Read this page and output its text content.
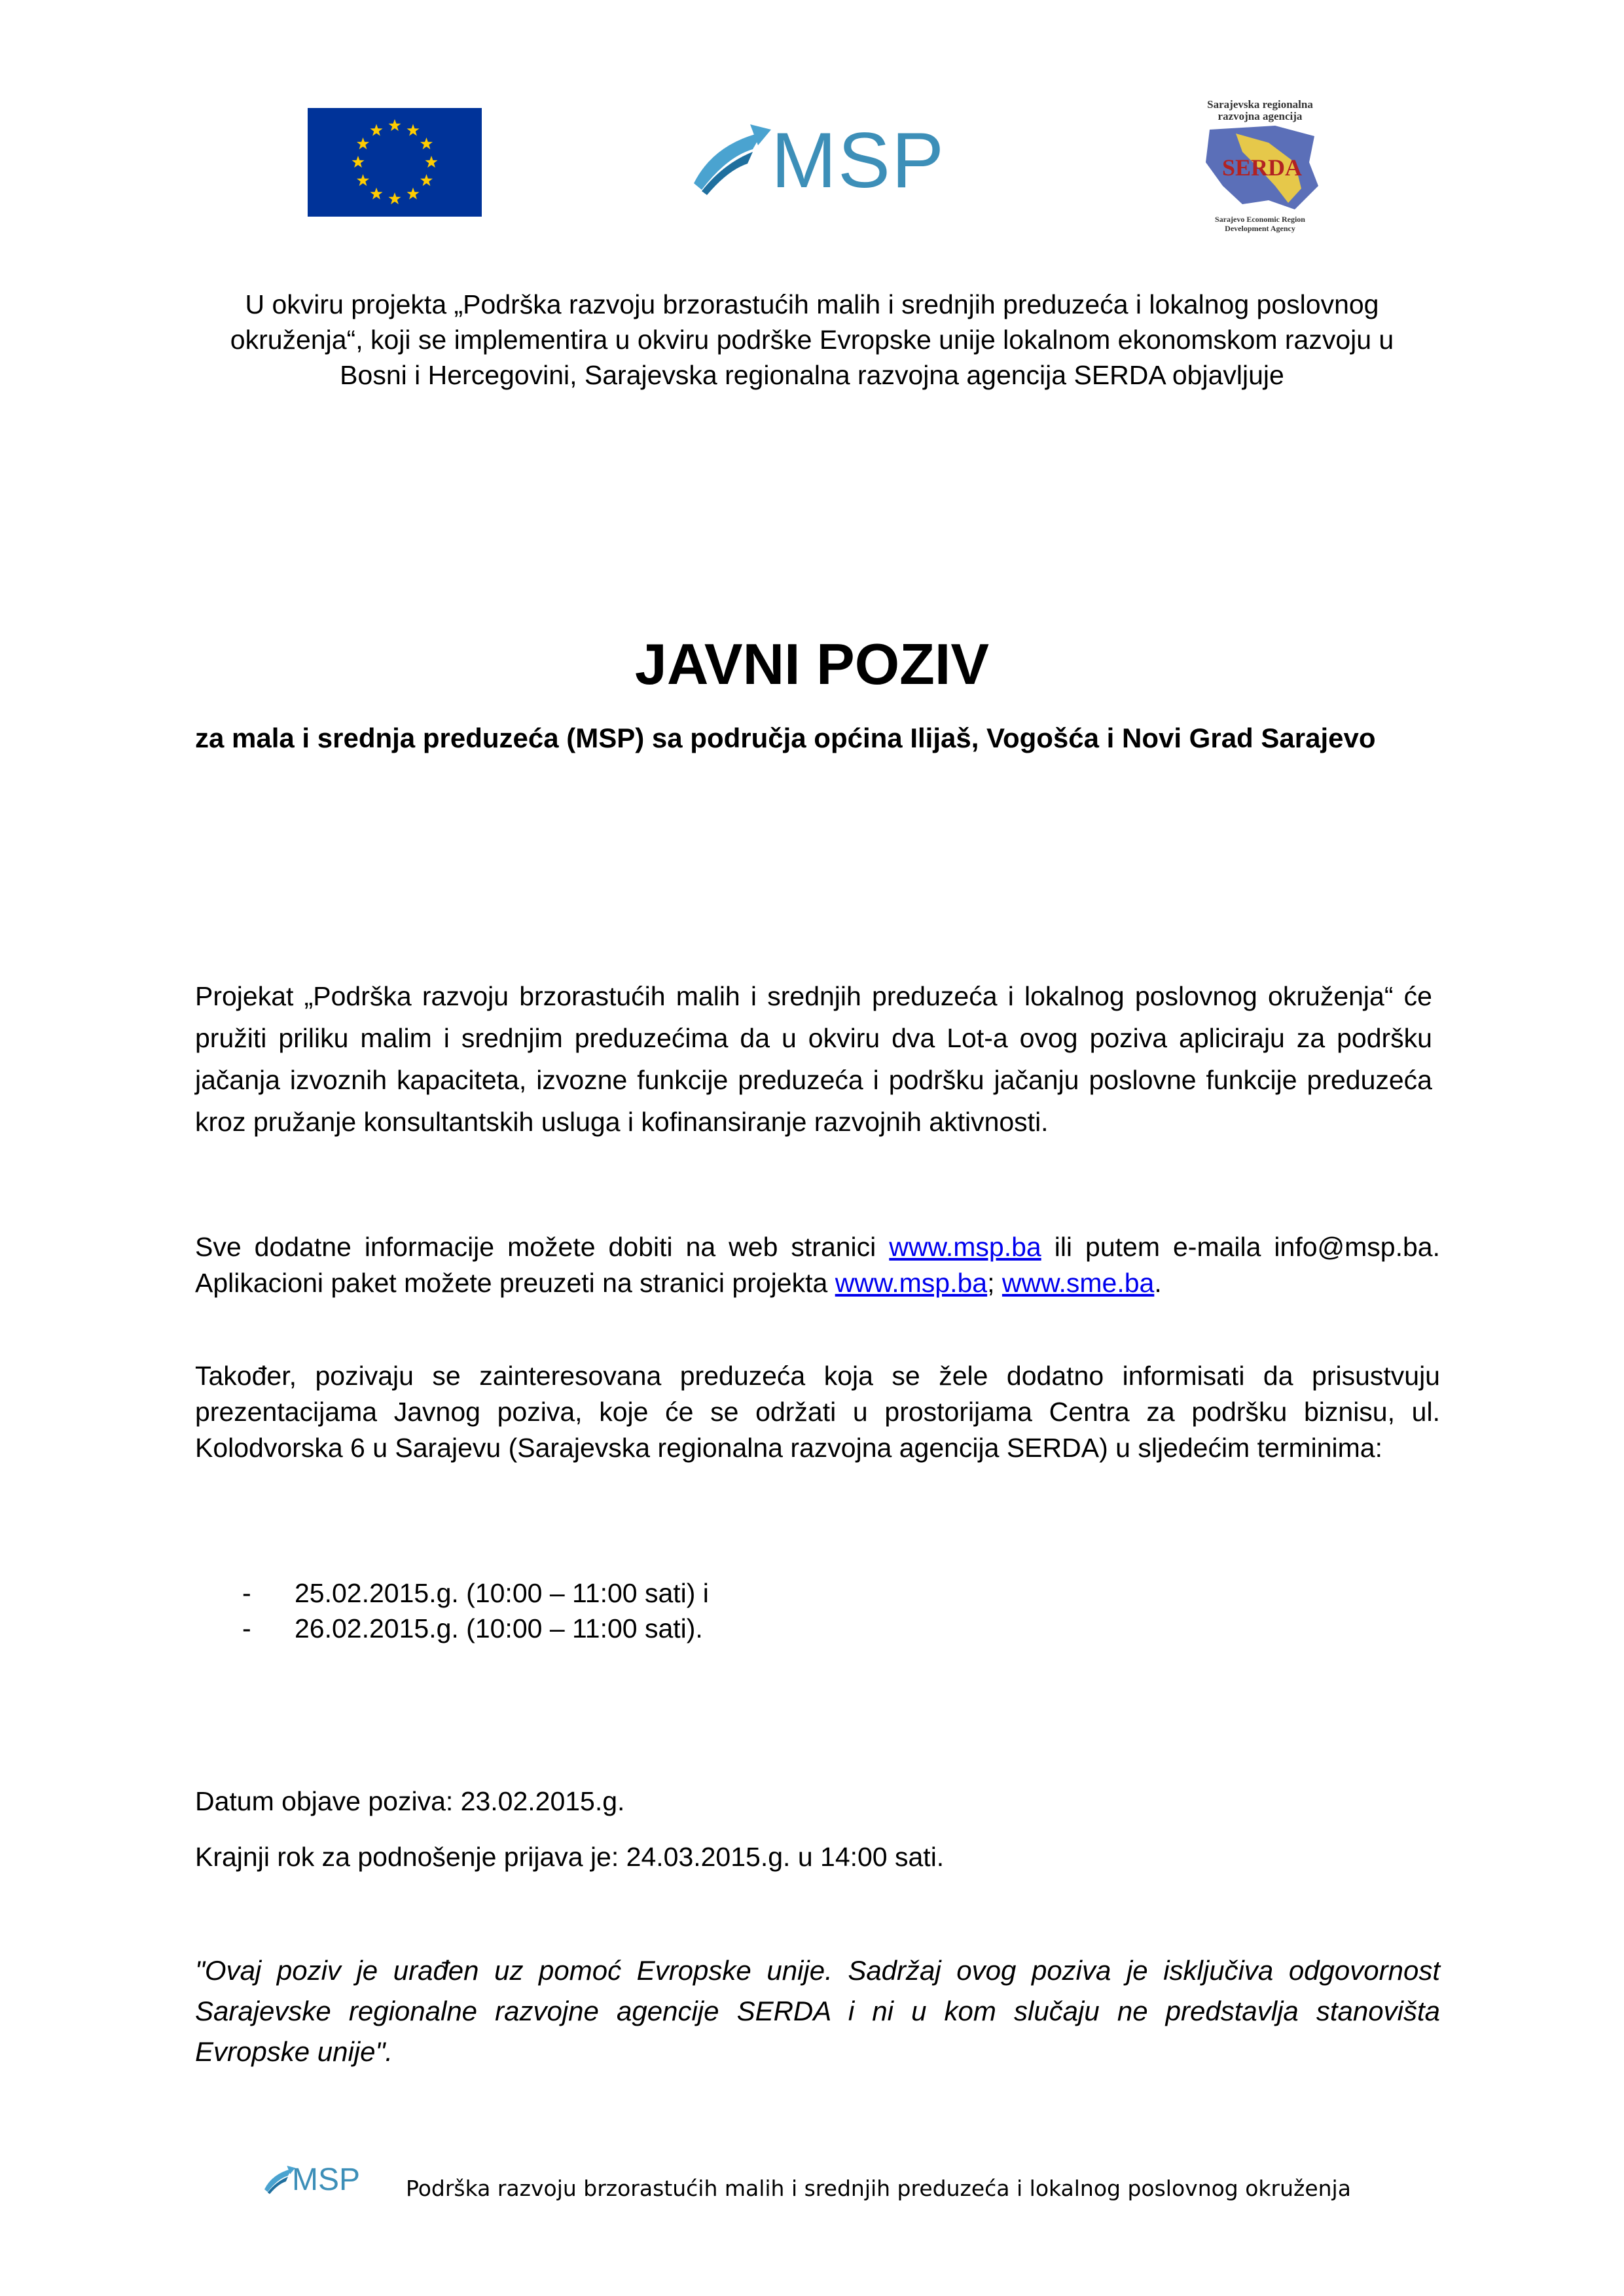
MSP
Sarajevska regionalna
razvojna agencija
SERDA
Sarajevo Economic Region
Development Agency
U okviru projekta „Podrška razvoju brzorastućih malih i srednjih preduzeća i lokalnog poslovnog okruženja“, koji se implementira u okviru podrške Evropske unije lokalnom ekonomskom razvoju u Bosni i Hercegovini, Sarajevska regionalna razvojna agencija SERDA objavljuje
JAVNI POZIV
za mala i srednja preduzeća (MSP) sa područja općina Ilijaš, Vogošća i Novi Grad Sarajevo
Projekat „Podrška razvoju brzorastućih malih i srednjih preduzeća i lokalnog poslovnog okruženja“ će pružiti priliku malim i srednjim preduzećima da u okviru dva Lot-a ovog poziva apliciraju za podršku jačanja izvoznih kapaciteta, izvozne funkcije preduzeća i podršku jačanju poslovne funkcije preduzeća kroz pružanje konsultantskih usluga i kofinansiranje razvojnih aktivnosti.
Sve dodatne informacije možete dobiti na web stranici www.msp.ba ili putem e-maila info@msp.ba. Aplikacioni paket možete preuzeti na stranici projekta www.msp.ba; www.sme.ba.
Također, pozivaju se zainteresovana preduzeća koja se žele dodatno informisati da prisustvuju prezentacijama Javnog poziva, koje će se održati u prostorijama Centra za podršku biznisu, ul. Kolodvorska 6 u Sarajevu (Sarajevska regionalna razvojna agencija SERDA) u sljedećim terminima:
-	25.02.2015.g. (10:00 – 11:00 sati) i
-	26.02.2015.g. (10:00 – 11:00 sati).
Datum objave poziva: 23.02.2015.g.
Krajnji rok za podnošenje prijava je: 24.03.2015.g. u 14:00 sati.
"Ovaj poziv je urađen uz pomoć Evropske unije. Sadržaj ovog poziva je isključiva odgovornost Sarajevske regionalne razvojne agencije SERDA i ni u kom slučaju ne predstavlja stanovišta Evropske unije".
MSP Podrška razvoju brzorastućih malih i srednjih preduzeća i lokalnog poslovnog okruženja
